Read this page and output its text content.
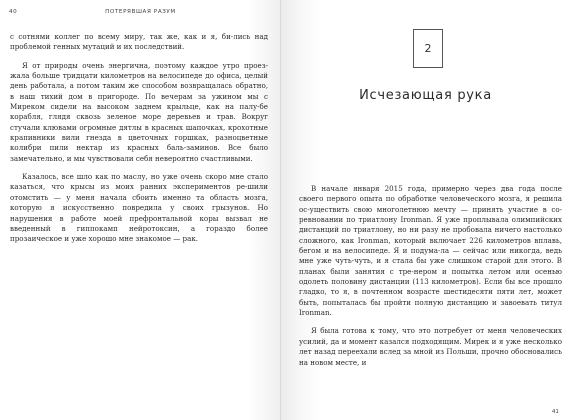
40	ПОТЕРЯВШАЯ РАЗУМ

с сотнями коллег по всему миру, так же, как и я, би-лись над проблемой генных мутаций и их последствий.

Я от природы очень энергична, поэтому каждое утро проез-жала больше тридцати километров на велосипеде до офиса, целый день работала, а потом таким же способом возвращалась обратно, в наш тихий дом в пригороде. По вечерам за ужином мы с Миреком сидели на высоком заднем крыльце, как на палу-бе корабля, глядя сквозь зеленое море деревьев и трав. Вокруг стучали клювами огромные дятлы в красных шапочках, крохотные крапивники вили гнезда в цветочных горшках, разноцветные колибри пили нектар из красных баль-заминов. Все было замечательно, и мы чувствовали себя невероятно счастливыми.

Казалось, все шло как по маслу, но уже очень скоро мне стало казаться, что крысы из моих ранних экспериментов ре-шили отомстить — у меня начала сбоить именно та область мозга, которую я искусственно повредила у своих грызунов. Но нарушения в работе моей префронтальной коры вызвал не введенный в гиппокамп нейротоксин, а гораздо более прозаическое и уже хорошо мне знакомое — рак.

2
Исчезающая рука

В начале января 2015 года, примерно через два года после своего первого опыта по обработке человеческого мозга, я решила ос-уществить свою многолетнюю мечту — принять участие в со-ревновании по триатлону Ironman. Я уже проплывала олимпийских дистанций по триатлону, но ни разу не пробовала ничего настолько сложного, как Ironman, который включает 226 километров вплавь, бегом и на велосипеде. Я и подума-ла — сейчас или никогда, ведь мне уже чуть-чуть, и я стала бы уже слишком старой для этого. В планах были занятия с тре-нером и попытка летом или осенью одолеть половину дистанции (113 километров). Если бы все прошло гладко, то я, в почтенном возрасте шестидесяти пяти лет, может быть, попыталась бы пройти полную дистанцию и завоевать титул Ironman.

Я была готова к тому, что это потребует от меня человеческих усилий, да и момент казался подходящим. Мирек и я уже несколько лет назад переехали вслед за мной из Польши, прочно обосновались на новом месте, и

41
